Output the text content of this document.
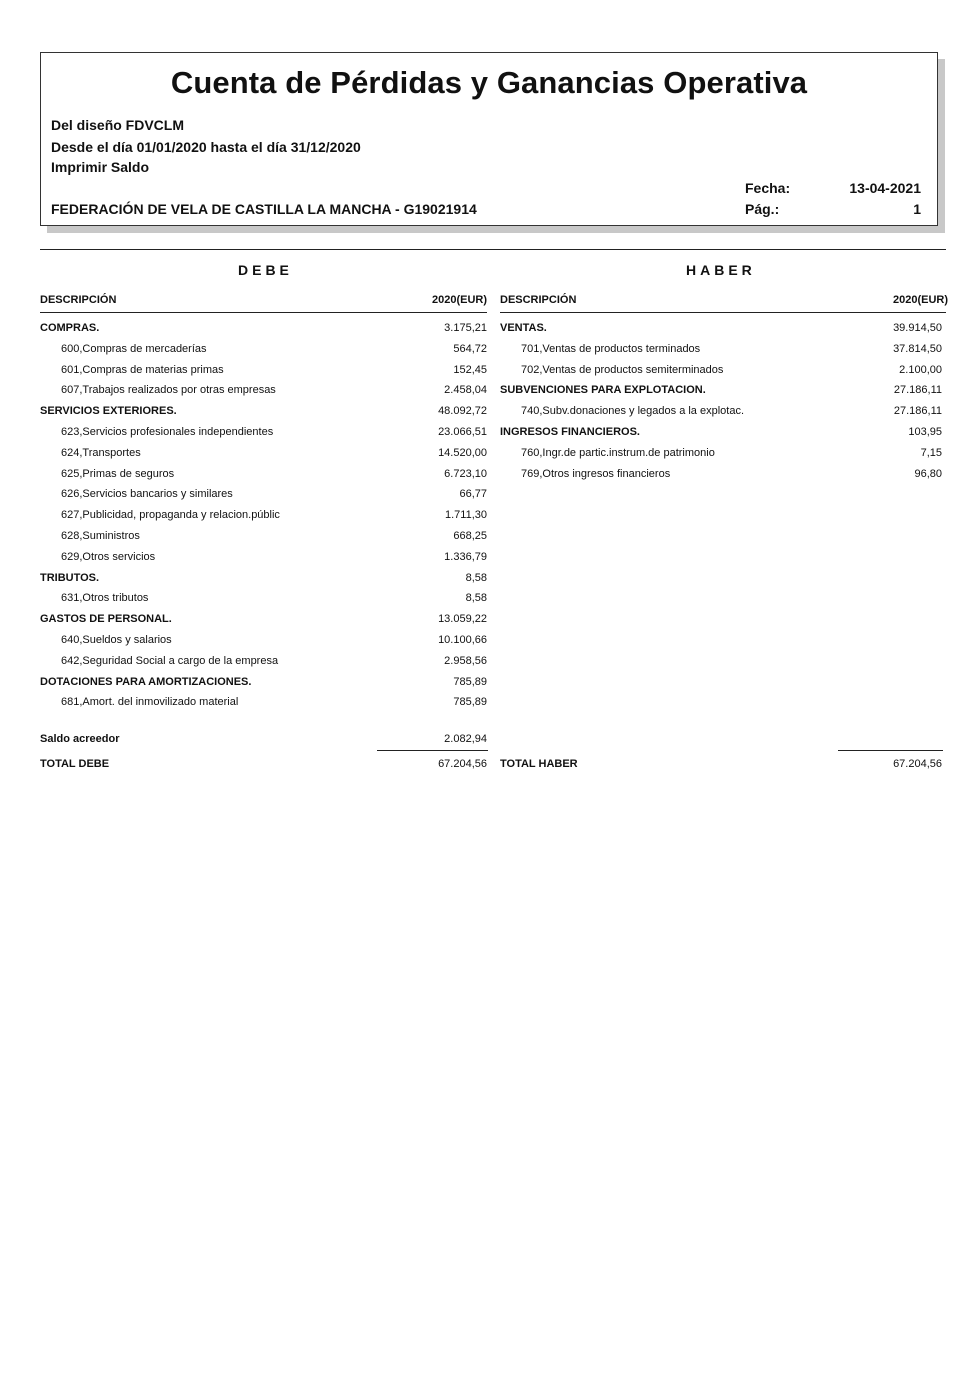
Cuenta de Pérdidas y Ganancias Operativa
Del diseño FDVCLM
Desde el día 01/01/2020 hasta el día 31/12/2020
Imprimir Saldo
Fecha:	13-04-2021
Pág.:	1
FEDERACIÓN DE VELA DE CASTILLA LA MANCHA - G19021914
DEBE
DESCRIPCIÓN	2020(EUR)
COMPRAS.	3.175,21
600,Compras de mercaderías	564,72
601,Compras de materias primas	152,45
607,Trabajos realizados por otras empresas	2.458,04
SERVICIOS EXTERIORES.	48.092,72
623,Servicios profesionales independientes	23.066,51
624,Transportes	14.520,00
625,Primas de seguros	6.723,10
626,Servicios bancarios y similares	66,77
627,Publicidad, propaganda y relacion.públic	1.711,30
628,Suministros	668,25
629,Otros servicios	1.336,79
TRIBUTOS.	8,58
631,Otros tributos	8,58
GASTOS DE PERSONAL.	13.059,22
640,Sueldos y salarios	10.100,66
642,Seguridad Social a cargo de la empresa	2.958,56
DOTACIONES PARA AMORTIZACIONES.	785,89
681,Amort. del inmovilizado material	785,89
Saldo acreedor	2.082,94
TOTAL DEBE	67.204,56
HABER
DESCRIPCIÓN	2020(EUR)
VENTAS.	39.914,50
701,Ventas de productos terminados	37.814,50
702,Ventas de productos semiterminados	2.100,00
SUBVENCIONES PARA EXPLOTACION.	27.186,11
740,Subv.donaciones y legados a la explotac.	27.186,11
INGRESOS FINANCIEROS.	103,95
760,Ingr.de partic.instrum.de patrimonio	7,15
769,Otros ingresos financieros	96,80
TOTAL HABER	67.204,56
